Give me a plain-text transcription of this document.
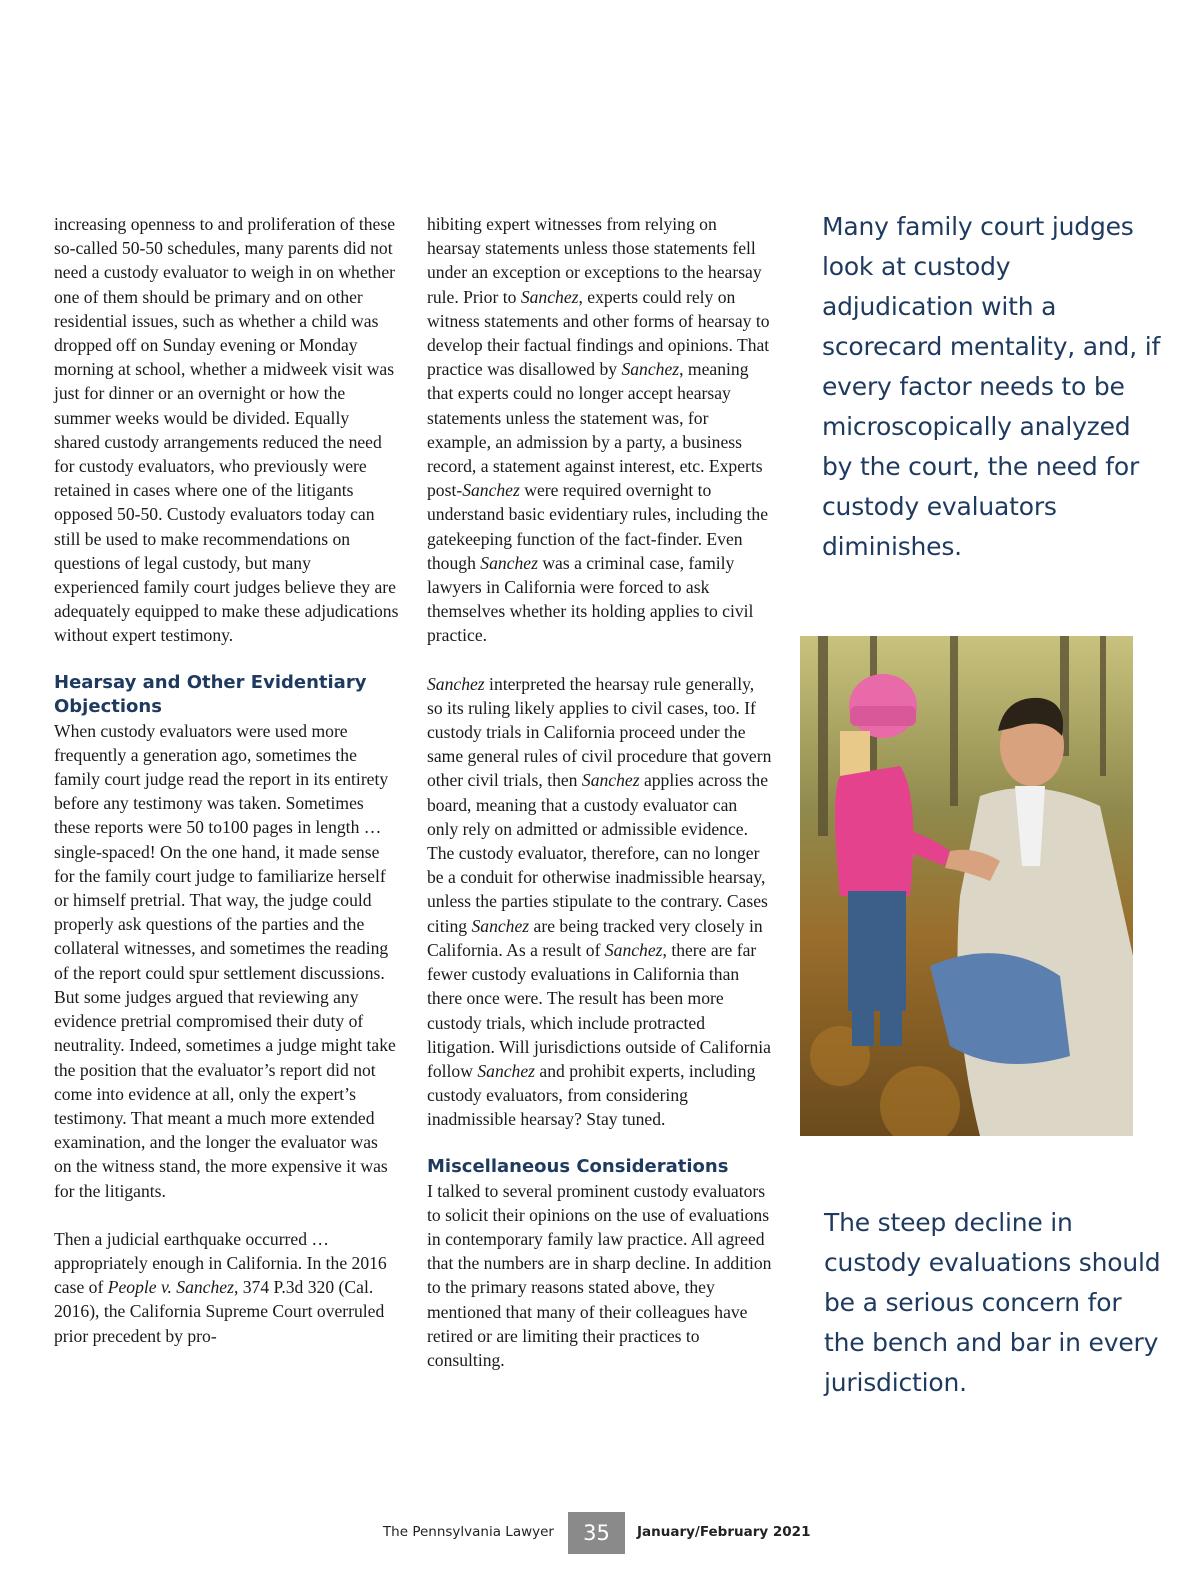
increasing openness to and proliferation of these so-called 50-50 schedules, many parents did not need a custody evaluator to weigh in on whether one of them should be primary and on other residential issues, such as whether a child was dropped off on Sunday evening or Monday morning at school, whether a midweek visit was just for dinner or an overnight or how the summer weeks would be divided. Equally shared custody arrangements reduced the need for custody evaluators, who previously were retained in cases where one of the litigants opposed 50-50. Custody evaluators today can still be used to make recommendations on questions of legal custody, but many experienced family court judges believe they are adequately equipped to make these adjudications without expert testimony.

Hearsay and Other Evidentiary Objections

When custody evaluators were used more frequently a generation ago, sometimes the family court judge read the report in its entirety before any testimony was taken. Sometimes these reports were 50 to100 pages in length … single-spaced! On the one hand, it made sense for the family court judge to familiarize herself or himself pretrial. That way, the judge could properly ask questions of the parties and the collateral witnesses, and sometimes the reading of the report could spur settlement discussions. But some judges argued that reviewing any evidence pretrial compromised their duty of neutrality. Indeed, sometimes a judge might take the position that the evaluator’s report did not come into evidence at all, only the expert’s testimony. That meant a much more extended examination, and the longer the evaluator was on the witness stand, the more expensive it was for the litigants.

Then a judicial earthquake occurred … appropriately enough in California. In the 2016 case of People v. Sanchez, 374 P.3d 320 (Cal. 2016), the California Supreme Court overruled prior precedent by pro-

hibiting expert witnesses from relying on hearsay statements unless those statements fell under an exception or exceptions to the hearsay rule. Prior to Sanchez, experts could rely on witness statements and other forms of hearsay to develop their factual findings and opinions. That practice was disallowed by Sanchez, meaning that experts could no longer accept hearsay statements unless the statement was, for example, an admission by a party, a business record, a statement against interest, etc. Experts post-Sanchez were required overnight to understand basic evidentiary rules, including the gatekeeping function of the fact-finder. Even though Sanchez was a criminal case, family lawyers in California were forced to ask themselves whether its holding applies to civil practice.

Sanchez interpreted the hearsay rule generally, so its ruling likely applies to civil cases, too. If custody trials in California proceed under the same general rules of civil procedure that govern other civil trials, then Sanchez applies across the board, meaning that a custody evaluator can only rely on admitted or admissible evidence. The custody evaluator, therefore, can no longer be a conduit for otherwise inadmissible hearsay, unless the parties stipulate to the contrary. Cases citing Sanchez are being tracked very closely in California. As a result of Sanchez, there are far fewer custody evaluations in California than there once were. The result has been more custody trials, which include protracted litigation. Will jurisdictions outside of California follow Sanchez and prohibit experts, including custody evaluators, from considering inadmissible hearsay? Stay tuned.

Miscellaneous Considerations

I talked to several prominent custody evaluators to solicit their opinions on the use of evaluations in contemporary family law practice. All agreed that the numbers are in sharp decline. In addition to the primary reasons stated above, they mentioned that many of their colleagues have retired or are limiting their practices to consulting.

Many family court judges look at custody adjudication with a scorecard mentality, and, if every factor needs to be microscopically analyzed by the court, the need for custody evaluators diminishes.
The steep decline in custody evaluations should be a serious concern for the bench and bar in every jurisdiction.
The Pennsylvania Lawyer	35	January/February 2021
